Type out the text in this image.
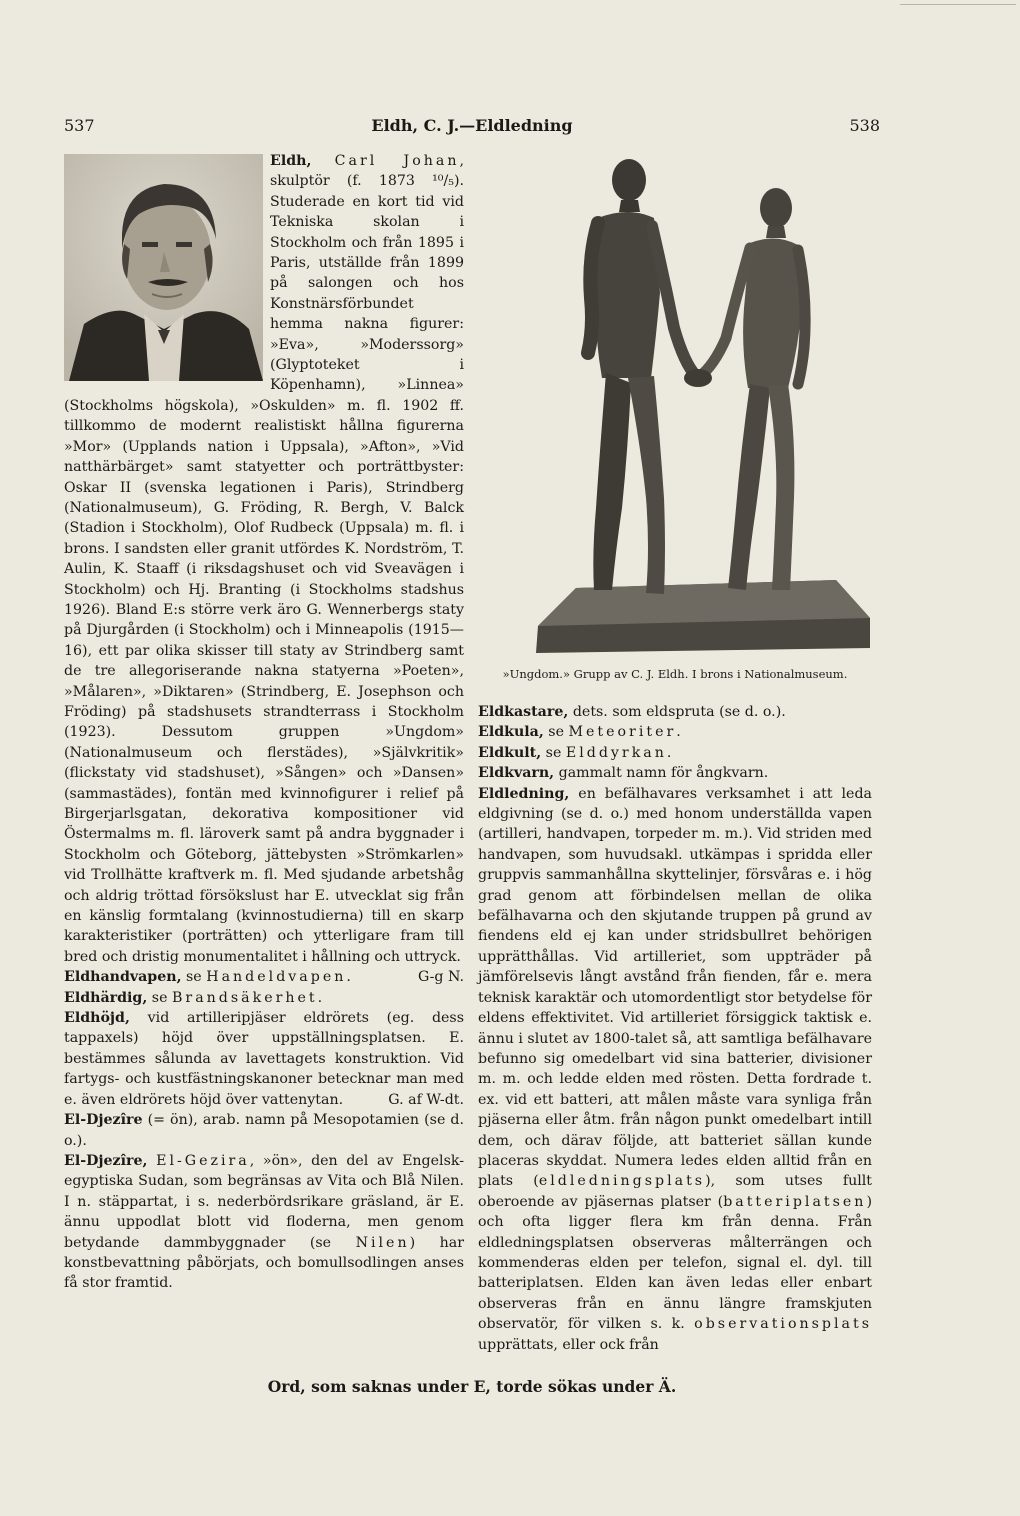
537	Eldh, C. J.—Eldledning	538

Eldh, Carl Johan
, skulptör (f. 1873 ¹⁰/₅). Studerade en kort tid vid Tekniska skolan i Stockholm och från 1895 i Paris, utställde från 1899 på salongen och hos Konstnärsförbundet hemma nakna figurer: »Eva», »Moderssorg» (Glyptoteket i Köpenhamn), »Linnea» (Stockholms högskola), »Oskulden» m. fl. 1902 ff. tillkommo de modernt realistiskt hållna figurerna »Mor» (Upplands nation i Uppsala), »Afton», »Vid natthärbärget» samt statyetter och porträttbyster: Oskar II (svenska legationen i Paris), Strindberg (Nationalmuseum), G. Fröding, R. Bergh, V. Balck (Stadion i Stockholm), Olof Rudbeck (Uppsala) m. fl. i brons. I sandsten eller granit utfördes K. Nordström, T. Aulin, K. Staaff (i riksdagshuset och vid Sveavägen i Stockholm) och Hj. Branting (i Stockholms stadshus 1926). Bland E:s större verk äro G. Wennerbergs staty på Djurgården (i Stockholm) och i Minneapolis (1915—16), ett par olika skisser till staty av Strindberg samt de tre allegoriserande nakna statyerna »Poeten», »Målaren», »Diktaren» (Strindberg, E. Josephson och Fröding) på stadshusets strandterrass i Stockholm (1923). Dessutom gruppen »Ungdom» (Nationalmuseum och flerstädes), »Självkritik» (flickstaty vid stadshuset), »Sången» och »Dansen» (sammastädes), fontän med kvinnofigurer i relief på Birgerjarlsgatan, dekorativa kompositioner vid Östermalms m. fl. läroverk samt på andra byggnader i Stockholm och Göteborg, jättebysten »Strömkarlen» vid Trollhätte kraftverk m. fl. Med sjudande arbetshåg och aldrig tröttad försökslust har E. utvecklat sig från en känslig formtalang (kvinnostudierna) till en skarp karakteristiker (porträtten) och ytterligare fram till bred och dristig monumentalitet i hållning och uttryck.
G-g N.

Eldhandvapen, se Handeldvapen.

Eldhärdig, se Brandsäkerhet.

Eldhöjd, vid artilleripjäser eldrörets (eg. dess tappaxels) höjd över uppställningsplatsen. E. bestämmes sålunda av lavettagets konstruktion. Vid fartygs- och kustfästningskanoner betecknar man med e. även eldrörets höjd över vattenytan.	G. af W-dt.

El-Djezîre (= ön), arab. namn på Mesopotamien (se d. o.).

El-Djezîre, El-Gezira, »ön», den del av Engelsk-egyptiska Sudan, som begränsas av Vita och Blå Nilen. I n. stäppartat, i s. nederbördsrikare gräsland, är E. ännu uppodlat blott vid floderna, men genom betydande dammbyggnader (se Nilen) har konstbevattning påbörjats, och bomullsodlingen anses få stor framtid.

»Ungdom.» Grupp av C. J. Eldh. I brons i Nationalmuseum.

Eldkastare, dets. som eldspruta (se d. o.).

Eldkula, se Meteoriter.

Eldkult, se Elddyrkan.

Eldkvarn, gammalt namn för ångkvarn.

Eldledning, en befälhavares verksamhet i att leda eldgivning (se d. o.) med honom underställda vapen (artilleri, handvapen, torpeder m. m.). Vid striden med handvapen, som huvudsakl. utkämpas i spridda eller gruppvis sammanhållna skyttelinjer, försvåras e. i hög grad genom att förbindelsen mellan de olika befälhavarna och den skjutande truppen på grund av fiendens eld ej kan under stridsbullret behörigen upprätthållas. Vid artilleriet, som uppträder på jämförelsevis långt avstånd från fienden, får e. mera teknisk karaktär och utomordentligt stor betydelse för eldens effektivitet. Vid artilleriet försiggick taktisk e. ännu i slutet av 1800-talet så, att samtliga befälhavare befunno sig omedelbart vid sina batterier, divisioner m. m. och ledde elden med rösten. Detta fordrade t. ex. vid ett batteri, att målen måste vara synliga från pjäserna eller åtm. från någon punkt omedelbart intill dem, och därav följde, att batteriet sällan kunde placeras skyddat. Numera ledes elden alltid från en plats (eldledningsplats), som utses fullt oberoende av pjäsernas platser (batteriplatsen) och ofta ligger flera km från denna. Från eldledningsplatsen observeras målterrängen och kommenderas elden per telefon, signal el. dyl. till batteriplatsen. Elden kan även ledas eller enbart observeras från en ännu längre framskjuten observatör, för vilken s. k. observationsplats upprättats, eller ock från

Ord, som saknas under E, torde sökas under Ä.
